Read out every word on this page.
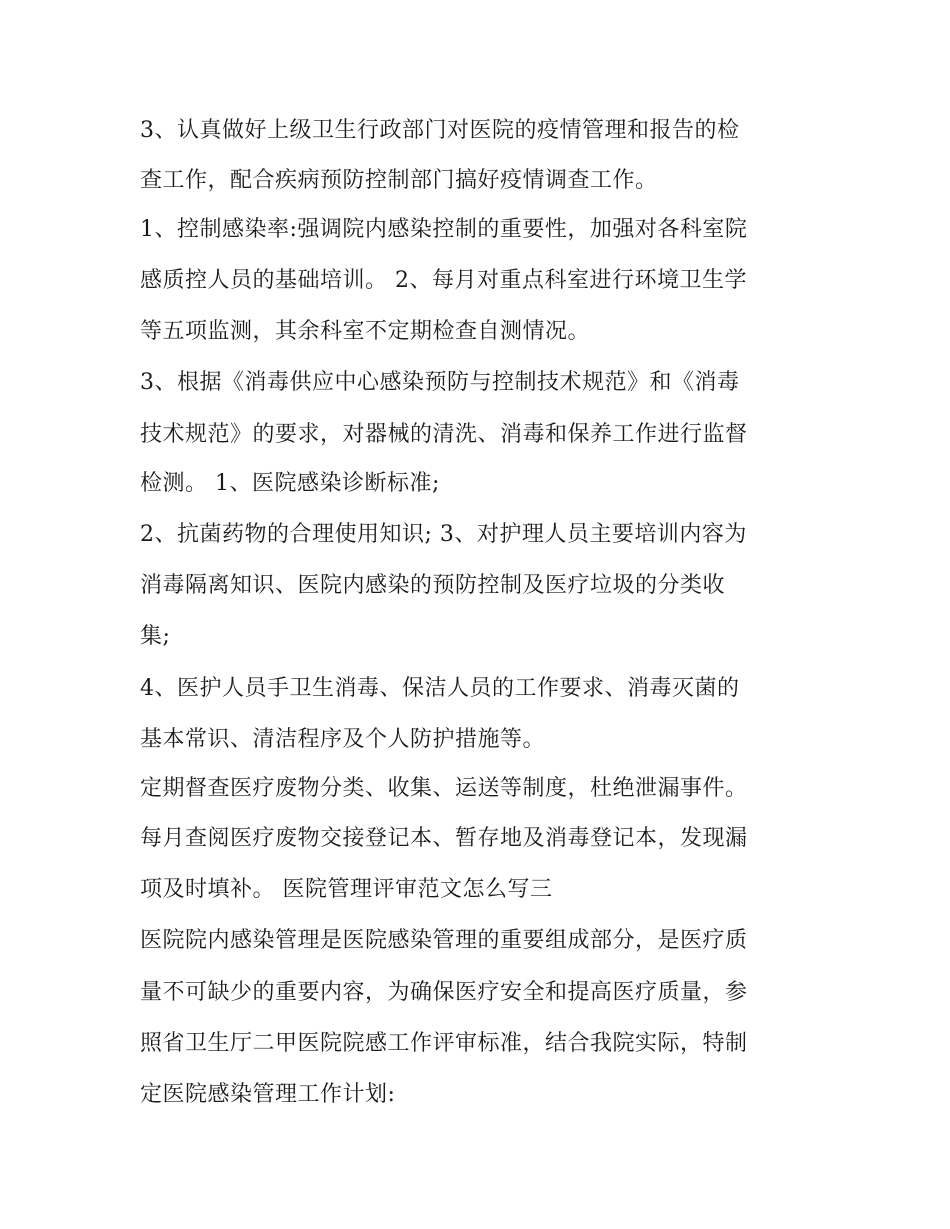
3、认真做好上级卫生行政部门对医院的疫情管理和报告的检

查工作，配合疾病预防控制部门搞好疫情调查工作。

1、控制感染率:强调院内感染控制的重要性，加强对各科室院

感质控人员的基础培训。 2、每月对重点科室进行环境卫生学

等五项监测，其余科室不定期检查自测情况。

3、根据《消毒供应中心感染预防与控制技术规范》和《消毒

技术规范》的要求，对器械的清洗、消毒和保养工作进行监督

检测。 1、医院感染诊断标准;

2、抗菌药物的合理使用知识; 3、对护理人员主要培训内容为

消毒隔离知识、医院内感染的预防控制及医疗垃圾的分类收

集;

4、医护人员手卫生消毒、保洁人员的工作要求、消毒灭菌的

基本常识、清洁程序及个人防护措施等。

定期督查医疗废物分类、收集、运送等制度，杜绝泄漏事件。

每月查阅医疗废物交接登记本、暂存地及消毒登记本，发现漏

项及时填补。 医院管理评审范文怎么写三

医院院内感染管理是医院感染管理的重要组成部分，是医疗质

量不可缺少的重要内容，为确保医疗安全和提高医疗质量，参

照省卫生厅二甲医院院感工作评审标准，结合我院实际，特制

定医院感染管理工作计划:
